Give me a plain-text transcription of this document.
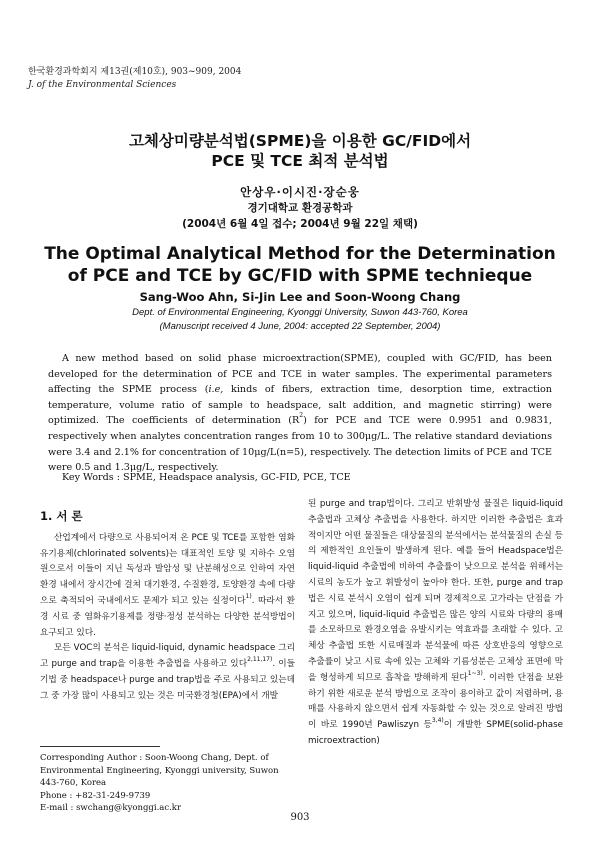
한국환경과학회지 제13권(제10호), 903~909, 2004
J. of the Environmental Sciences
고체상미량분석법(SPME)을 이용한 GC/FID에서
PCE 및 TCE 최적 분석법
안상우·이시진·장순웅
경기대학교 환경공학과
(2004년 6월 4일 접수; 2004년 9월 22일 채택)
The Optimal Analytical Method for the Determination
of PCE and TCE by GC/FID with SPME technieque
Sang-Woo Ahn, Si-Jin Lee and Soon-Woong Chang
Dept. of Environmental Engineering, Kyonggi University, Suwon 443-760, Korea
(Manuscript received 4 June, 2004: accepted 22 September, 2004)
A new method based on solid phase microextraction(SPME), coupled with GC/FID, has been developed for the determination of PCE and TCE in water samples. The experimental parameters affecting the SPME process (i.e, kinds of fibers, extraction time, desorption time, extraction temperature, volume ratio of sample to headspace, salt addition, and magnetic stirring) were optimized. The coefficients of determination $(R^2)$ for PCE and TCE were 0.9951 and 0.9831, respectively when analytes concentration ranges from 10 to 300μg/L. The relative standard deviations were 3.4 and 2.1% for concentration of 10μg/L(n=5), respectively. The detection limits of PCE and TCE were 0.5 and 1.3μg/L, respectively.
Key Words : SPME, Headspace analysis, GC-FID, PCE, TCE
1. 서 론

산업계에서 다량으로 사용되어져 온 PCE 및 TCE를 포함한 염화유기용제(chlorinated solvents)는 대표적인 토양 및 지하수 오염원으로서 이들이 지닌 독성과 발암성 및 난분해성으로 인하여 자연환경 내에서 장시간에 걸쳐 대기환경, 수질환경, 토양환경 속에 다량으로 축적되어 국내에서도 문제가 되고 있는 실정이다$^{1)}$. 따라서 환경 시료 중 염화유기용제를 정량·정성 분석하는 다양한 분석방법이 요구되고 있다.

모든 VOC의 분석은 liquid-liquid, dynamic headspace 그리고 purge and trap을 이용한 추출법을 사용하고 있다$^{2,11,17)}$. 이들 기법 중 headspace나 purge and trap법을 주로 사용되고 있는데 그 중 가장 많이 사용되고 있는 것은 미국환경청(EPA)에서 개발

된 purge and trap법이다. 그리고 반휘발성 물질은 liquid-liquid 추출법과 고체상 추출법을 사용한다. 하지만 이러한 추출법은 효과적이지만 어떤 물질들은 대상물질의 분석에서는 분석물질의 손실 등의 제한적인 요인들이 발생하게 된다. 예를 들어 Headspace법은 liquid-liquid 추출법에 비하여 추출률이 낮으므로 분석을 위해서는 시료의 농도가 높고 휘발성이 높아야 한다. 또한, purge and trap법은 시료 분석시 오염이 쉽게 되며 경제적으로 고가라는 단점을 가지고 있으며, liquid-liquid 추출법은 많은 양의 시료와 다량의 용매를 소모하므로 환경오염을 유발시키는 역효과를 초래할 수 있다. 고체상 추출법 또한 시료매질과 분석물에 따른 상호반응의 영향으로 추출률이 낮고 시료 속에 있는 고체와 기름성분은 고체상 표면에 막을 형성하게 되므로 흡착을 방해하게 된다$^{1\sim 3)}$. 이러한 단점을 보완하기 위한 새로운 분석 방법으로 조작이 용이하고 값이 저렴하며, 용매를 사용하지 않으면서 쉽게 자동화할 수 있는 것으로 알려진 방법이 바로 1990년 Pawliszyn 등$^{3,4)}$이 개발한 SPME(solid-phase microextraction)

Corresponding Author : Soon-Woong Chang, Dept. of Environmental Engineering, Kyonggi university, Suwon 443-760, Korea
Phone : +82-31-249-9739
E-mail : swchang@kyonggi.ac.kr
903
